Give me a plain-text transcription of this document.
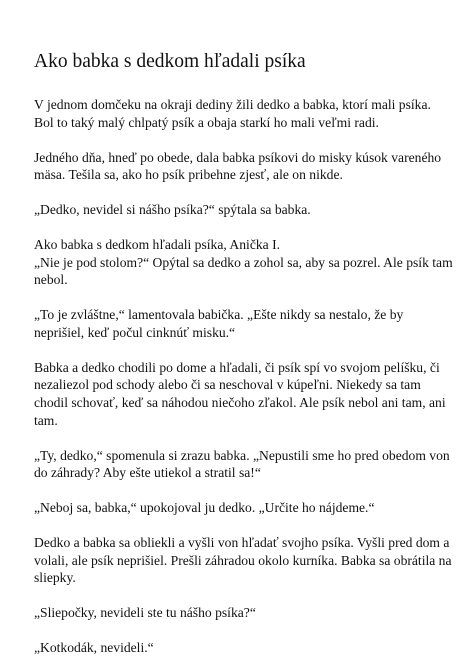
Ako babka s dedkom hľadali psíka

V jednom domčeku na okraji dediny žili dedko a babka, ktorí mali psíka.
Bol to taký malý chlpatý psík a obaja starkí ho mali veľmi radi.

Jedného dňa, hneď po obede, dala babka psíkovi do misky kúsok vareného
mäsa. Tešila sa, ako ho psík pribehne zjesť, ale on nikde.

„Dedko, nevidel si nášho psíka?“ spýtala sa babka.

Ako babka s dedkom hľadali psíka, Anička I.
„Nie je pod stolom?“ Opýtal sa dedko a zohol sa, aby sa pozrel. Ale psík tam
nebol.

„To je zvláštne,“ lamentovala babička. „Ešte nikdy sa nestalo, že by
neprišiel, keď počul cinknúť misku.“

Babka a dedko chodili po dome a hľadali, či psík spí vo svojom pelíšku, či
nezaliezol pod schody alebo či sa neschoval v kúpeľni. Niekedy sa tam
chodil schovať, keď sa náhodou niečoho zľakol. Ale psík nebol ani tam, ani
tam.

„Ty, dedko,“ spomenula si zrazu babka. „Nepustili sme ho pred obedom von
do záhrady? Aby ešte utiekol a stratil sa!“

„Neboj sa, babka,“ upokojoval ju dedko. „Určite ho nájdeme.“

Dedko a babka sa obliekli a vyšli von hľadať svojho psíka. Vyšli pred dom a
volali, ale psík neprišiel. Prešli záhradou okolo kurníka. Babka sa obrátila na
sliepky.

„Sliepočky, nevideli ste tu nášho psíka?“

„Kotkodák, nevideli.“
